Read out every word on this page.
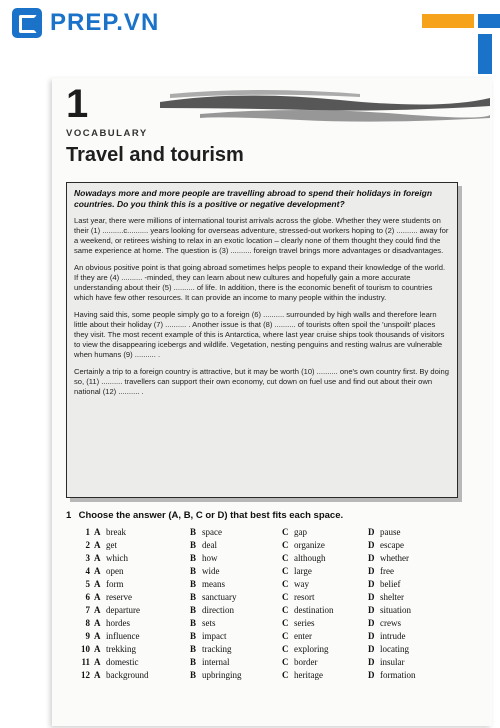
PREP.VN
1
VOCABULARY
Travel and tourism

Nowadays more and more people are travelling abroad to spend their holidays in foreign countries. Do you think this is a positive or negative development?

Last year, there were millions of international tourist arrivals across the globe. Whether they were students on their (1) ..........c.......... years looking for overseas adventure, stressed-out workers hoping to (2) .......... away for a weekend, or retirees wishing to relax in an exotic location – clearly none of them thought they could find the same experience at home. The question is (3) .......... foreign travel brings more advantages or disadvantages.

An obvious positive point is that going abroad sometimes helps people to expand their knowledge of the world. If they are (4) .......... -minded, they can learn about new cultures and hopefully gain a more accurate understanding about their (5) .......... of life. In addition, there is the economic benefit of tourism to countries which have few other resources. It can provide an income to many people within the industry.

Having said this, some people simply go to a foreign (6) .......... surrounded by high walls and therefore learn little about their holiday (7) .......... . Another issue is that (8) .......... of tourists often spoil the 'unspoilt' places they visit. The most recent example of this is Antarctica, where last year cruise ships took thousands of visitors to view the disappearing icebergs and wildlife. Vegetation, nesting penguins and resting walrus are vulnerable when humans (9) .......... .

Certainly a trip to a foreign country is attractive, but it may be worth (10) .......... one's own country first. By doing so, (11) .......... travellers can support their own economy, cut down on fuel use and find out about their own national (12) .......... .

1 Choose the answer (A, B, C or D) that best fits each space.
1 A break	B space	C gap	D pause
2 A get	B deal	C organize	D escape
3 A which	B how	C although	D whether
4 A open	B wide	C large	D free
5 A form	B means	C way	D belief
6 A reserve	B sanctuary	C resort	D shelter
7 A departure	B direction	C destination	D situation
8 A hordes	B sets	C series	D crews
9 A influence	B impact	C enter	D intrude
10 A trekking	B tracking	C exploring	D locating
11 A domestic	B internal	C border	D insular
12 A background	B upbringing	C heritage	D formation
